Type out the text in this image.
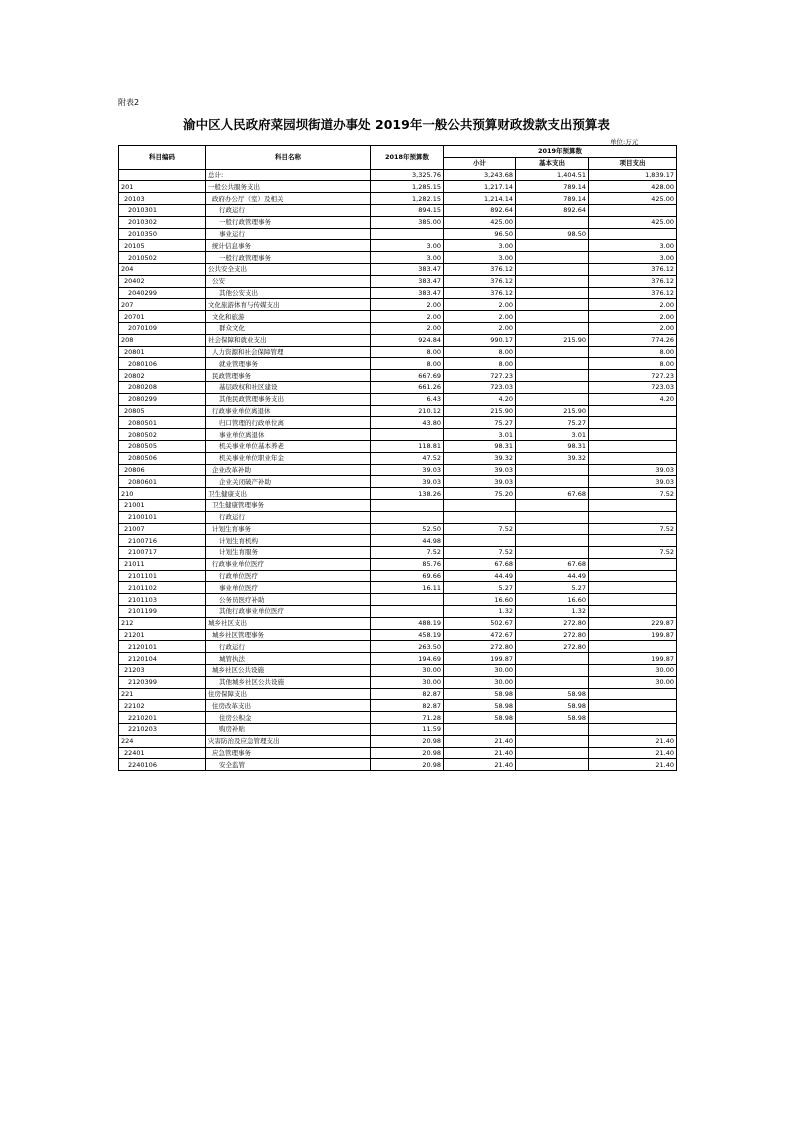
附表2
渝中区人民政府菜园坝街道办事处 2019年一般公共预算财政拨款支出预算表
单位:万元
科目编码	科目名称	2018年预算数	2019年预算数		
			小计	基本支出	项目支出
	总计:	3,325.76	3,243.68	1,404.51	1,839.17
201	一般公共服务支出	1,285.15	1,217.14	789.14	428.00
20103	政府办公厅（室）及相关	1,282.15	1,214.14	789.14	425.00
2010301	行政运行	894.15	892.64	892.64	
2010302	一般行政管理事务	385.00	425.00		425.00
2010350	事业运行		96.50	98.50	
20105	统计信息事务	3.00	3.00		3.00
2010502	一般行政管理事务	3.00	3.00		3.00
204	公共安全支出	383.47	376.12		376.12
20402	公安	383.47	376.12		376.12
2040299	其他公安支出	383.47	376.12		376.12
207	文化旅游体育与传媒支出	2.00	2.00		2.00
20701	文化和旅游	2.00	2.00		2.00
2070109	群众文化	2.00	2.00		2.00
208	社会保障和就业支出	924.84	990.17	215.90	774.26
20801	人力资源和社会保障管理	8.00	8.00		8.00
2080106	就业管理事务	8.00	8.00		8.00
20802	民政管理事务	667.69	727.23		727.23
2080208	基层政权和社区建设	661.26	723.03		723.03
2080299	其他民政管理事务支出	6.43	4.20		4.20
20805	行政事业单位离退休	210.12	215.90	215.90	
2080501	归口管理的行政单位离	43.80	75.27	75.27	
2080502	事业单位离退休		3.01	3.01	
2080505	机关事业单位基本养老	118.81	98.31	98.31	
2080506	机关事业单位职业年金	47.52	39.32	39.32	
20806	企业改革补助	39.03	39.03		39.03
2080601	企业关闭破产补助	39.03	39.03		39.03
210	卫生健康支出	138.26	75.20	67.68	7.52
21001	卫生健康管理事务				
2100101	行政运行				
21007	计划生育事务	52.50	7.52		7.52
2100716	计划生育机构	44.98			
2100717	计划生育服务	7.52	7.52		7.52
21011	行政事业单位医疗	85.76	67.68	67.68	
2101101	行政单位医疗	69.66	44.49	44.49	
2101102	事业单位医疗	16.11	5.27	5.27	
2101103	公务员医疗补助		16.60	16.60	
2101199	其他行政事业单位医疗		1.32	1.32	
212	城乡社区支出	488.19	502.67	272.80	229.87
21201	城乡社区管理事务	458.19	472.67	272.80	199.87
2120101	行政运行	263.50	272.80	272.80	
2120104	城管执法	194.69	199.87		199.87
21203	城乡社区公共设施	30.00	30.00		30.00
2120399	其他城乡社区公共设施	30.00	30.00		30.00
221	住房保障支出	82.87	58.98	58.98	
22102	住房改革支出	82.87	58.98	58.98	
2210201	住房公积金	71.28	58.98	58.98	
2210203	购房补贴	11.59			
224	灾害防治及应急管理支出	20.98	21.40		21.40
22401	应急管理事务	20.98	21.40		21.40
2240106	安全监管	20.98	21.40		21.40
